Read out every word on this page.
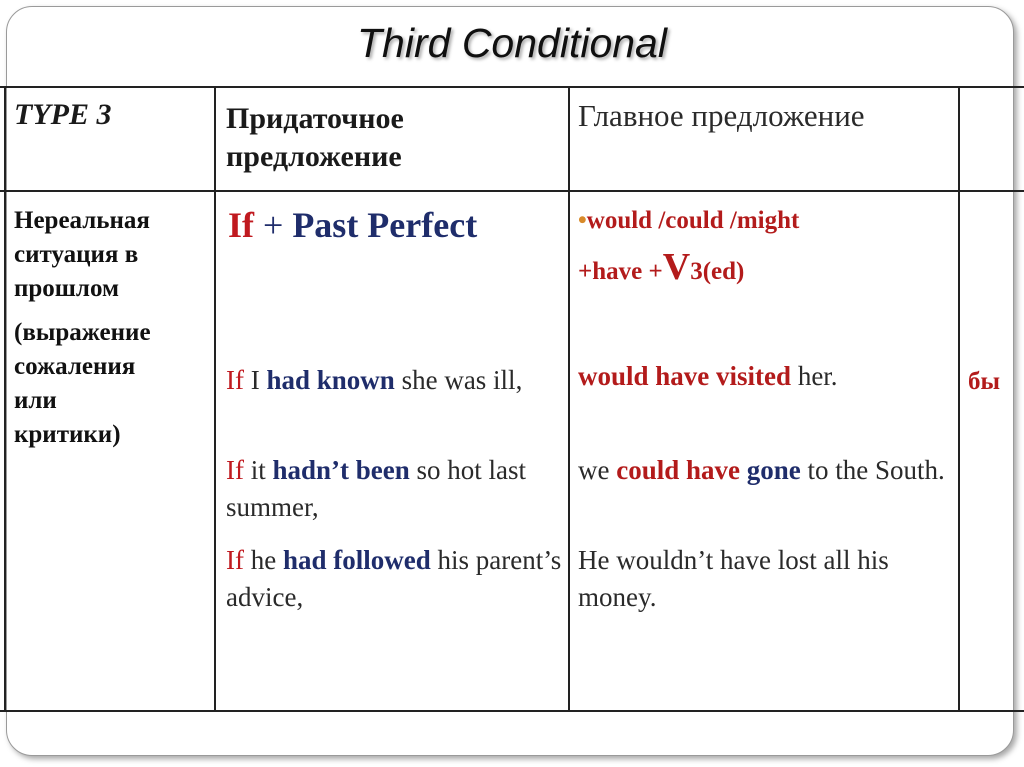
Third Conditional
TYPE 3	Придаточное
предложение
Главное предложение
Нереальная
ситуация в
прошлом
(выражение
сожаления
или
критики)
If + Past Perfect
If I had known she was ill,
If it hadn’t been so hot last summer,
If he had followed his parent’s advice,
•would /could /might
+have +V3(ed)
would have visited her.
we could have gone to the South.
He wouldn’t have lost all his money.
бы
